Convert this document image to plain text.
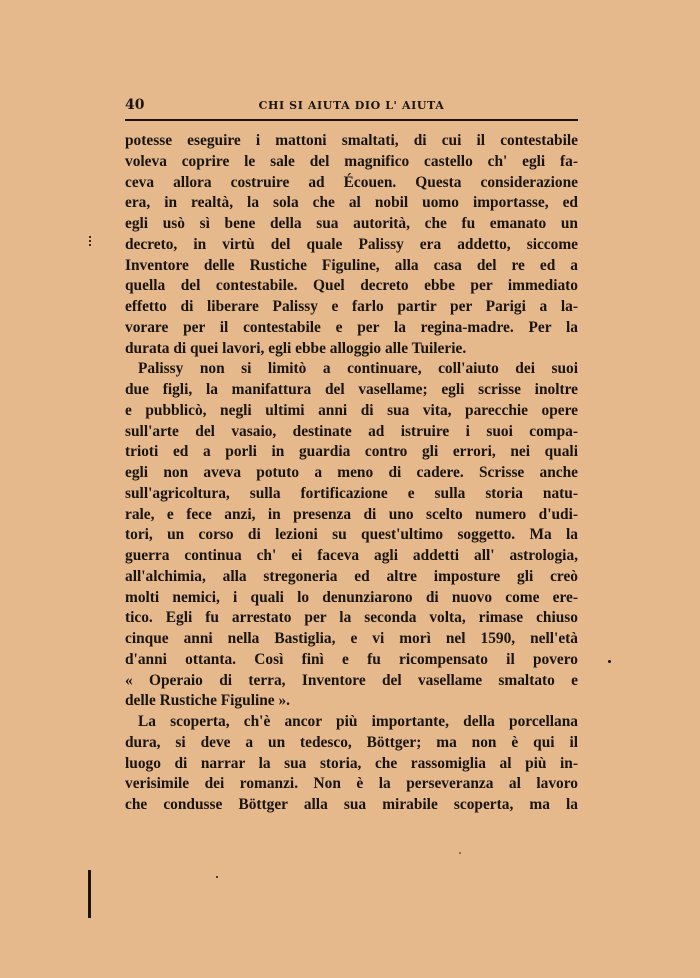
40	CHI SI AIUTA DIO L' AIUTA
potesse eseguire i mattoni smaltati, di cui il contestabile
voleva coprire le sale del magnifico castello ch' egli fa-
ceva allora costruire ad Écouen. Questa considerazione
era, in realtà, la sola che al nobil uomo importasse, ed
egli usò sì bene della sua autorità, che fu emanato un
decreto, in virtù del quale Palissy era addetto, siccome
Inventore delle Rustiche Figuline, alla casa del re ed a
quella del contestabile. Quel decreto ebbe per immediato
effetto di liberare Palissy e farlo partir per Parigi a la-
vorare per il contestabile e per la regina-madre. Per la
durata di quei lavori, egli ebbe alloggio alle Tuilerie.
Palissy non si limitò a continuare, coll'aiuto dei suoi
due figli, la manifattura del vasellame; egli scrisse inoltre
e pubblicò, negli ultimi anni di sua vita, parecchie opere
sull'arte del vasaio, destinate ad istruire i suoi compa-
trioti ed a porli in guardia contro gli errori, nei quali
egli non aveva potuto a meno di cadere. Scrisse anche
sull'agricoltura, sulla fortificazione e sulla storia natu-
rale, e fece anzi, in presenza di uno scelto numero d'udi-
tori, un corso di lezioni su quest'ultimo soggetto. Ma la
guerra continua ch' ei faceva agli addetti all' astrologia,
all'alchimia, alla stregoneria ed altre imposture gli creò
molti nemici, i quali lo denunziarono di nuovo come ere-
tico. Egli fu arrestato per la seconda volta, rimase chiuso
cinque anni nella Bastiglia, e vi morì nel 1590, nell'età
d'anni ottanta. Così finì e fu ricompensato il povero
« Operaio di terra, Inventore del vasellame smaltato e
delle Rustiche Figuline ».
La scoperta, ch'è ancor più importante, della porcellana
dura, si deve a un tedesco, Böttger; ma non è qui il
luogo di narrar la sua storia, che rassomiglia al più in-
verisimile dei romanzi. Non è la perseveranza al lavoro
che condusse Böttger alla sua mirabile scoperta, ma la
